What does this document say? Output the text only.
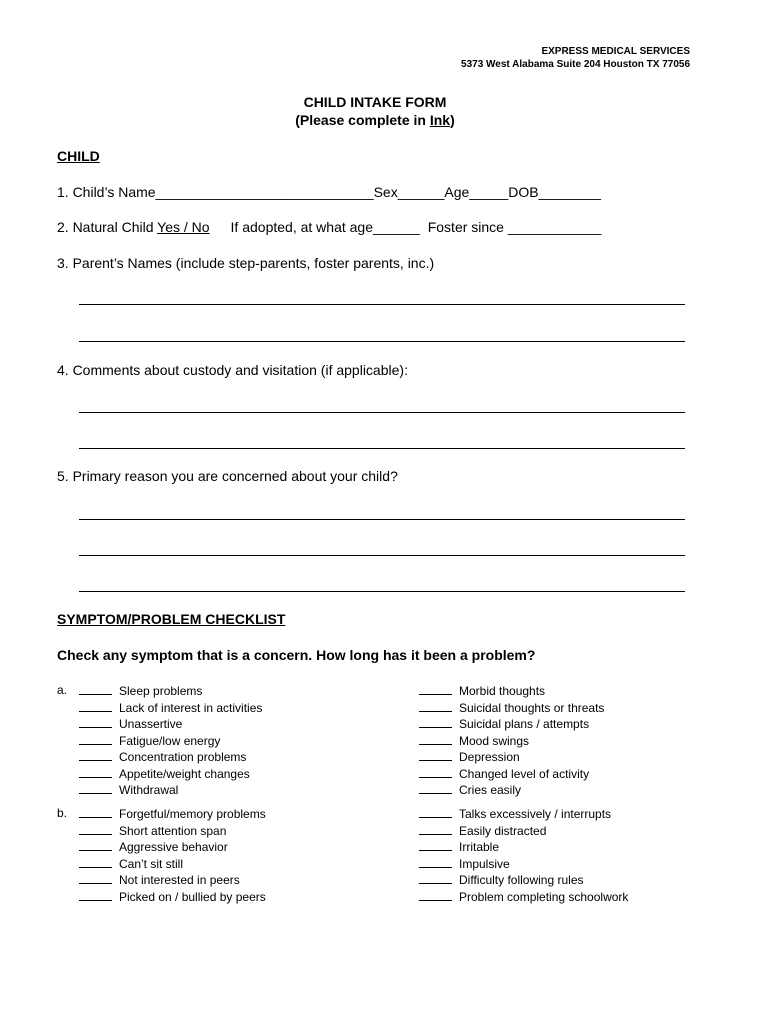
EXPRESS MEDICAL SERVICES
5373 West Alabama Suite 204 Houston TX 77056
CHILD INTAKE FORM
(Please complete in Ink)
CHILD
1. Child’s Name____________________________Sex______Age_____DOB________
2. Natural Child Yes / No If adopted, at what age______ Foster since ____________
3. Parent’s Names (include step-parents, foster parents, inc.)
4. Comments about custody and visitation (if applicable):
5. Primary reason you are concerned about your child?
SYMPTOM/PROBLEM CHECKLIST
Check any symptom that is a concern. How long has it been a problem?
a.	Sleep problems
Lack of interest in activities
Unassertive
Fatigue/low energy
Concentration problems
Appetite/weight changes
Withdrawal
Morbid thoughts
Suicidal thoughts or threats
Suicidal plans / attempts
Mood swings
Depression
Changed level of activity
Cries easily
b.	Forgetful/memory problems
Short attention span
Aggressive behavior
Can’t sit still
Not interested in peers
Picked on / bullied by peers
Talks excessively / interrupts
Easily distracted
Irritable
Impulsive
Difficulty following rules
Problem completing schoolwork
